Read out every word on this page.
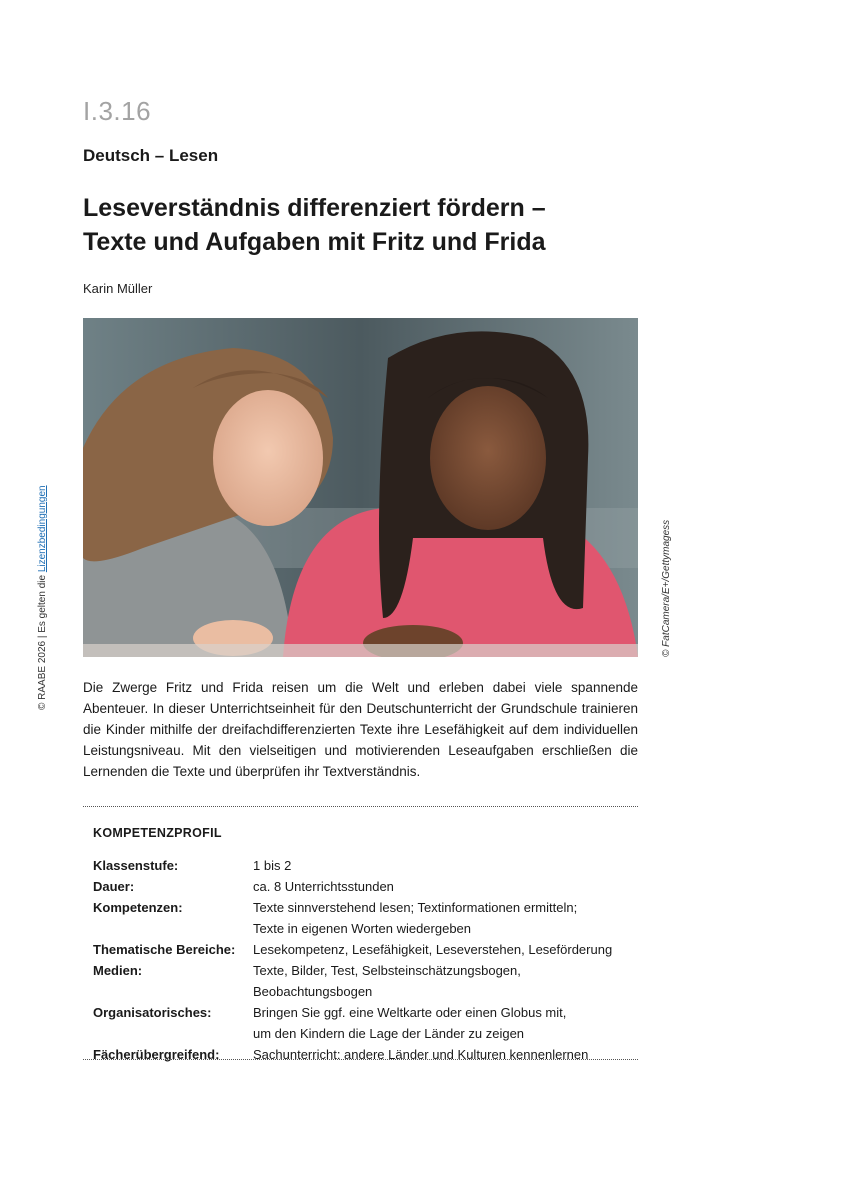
I.3.16
Deutsch – Lesen
Leseverständnis differenziert fördern –
Texte und Aufgaben mit Fritz und Frida
Karin Müller
© FatCamera/E+/Gettymagess
© RAABE 2026 | Es gelten die Lizenzbedingungen

Die Zwerge Fritz und Frida reisen um die Welt und erleben dabei viele spannende Abenteuer. In dieser Unterrichtseinheit für den Deutschunterricht der Grundschule trainieren die Kinder mithilfe der dreifachdifferenzierten Texte ihre Lesefähigkeit auf dem individuellen Leistungsniveau. Mit den vielseitigen und motivierenden Leseaufgaben erschließen die Lernenden die Texte und überprüfen ihr Textverständnis.

KOMPETENZPROFIL
Klassenstufe:	1 bis 2
Dauer:	ca. 8 Unterrichtsstunden
Kompetenzen:	Texte sinnverstehend lesen; Textinformationen ermitteln;
Texte in eigenen Worten wiedergeben
Thematische Bereiche:	Lesekompetenz, Lesefähigkeit, Leseverstehen, Leseförderung
Medien:	Texte, Bilder, Test, Selbsteinschätzungsbogen, Beobachtungsbogen
Organisatorisches:	Bringen Sie ggf. eine Weltkarte oder einen Globus mit,
um den Kindern die Lage der Länder zu zeigen
Fächerübergreifend:	Sachunterricht: andere Länder und Kulturen kennenlernen
